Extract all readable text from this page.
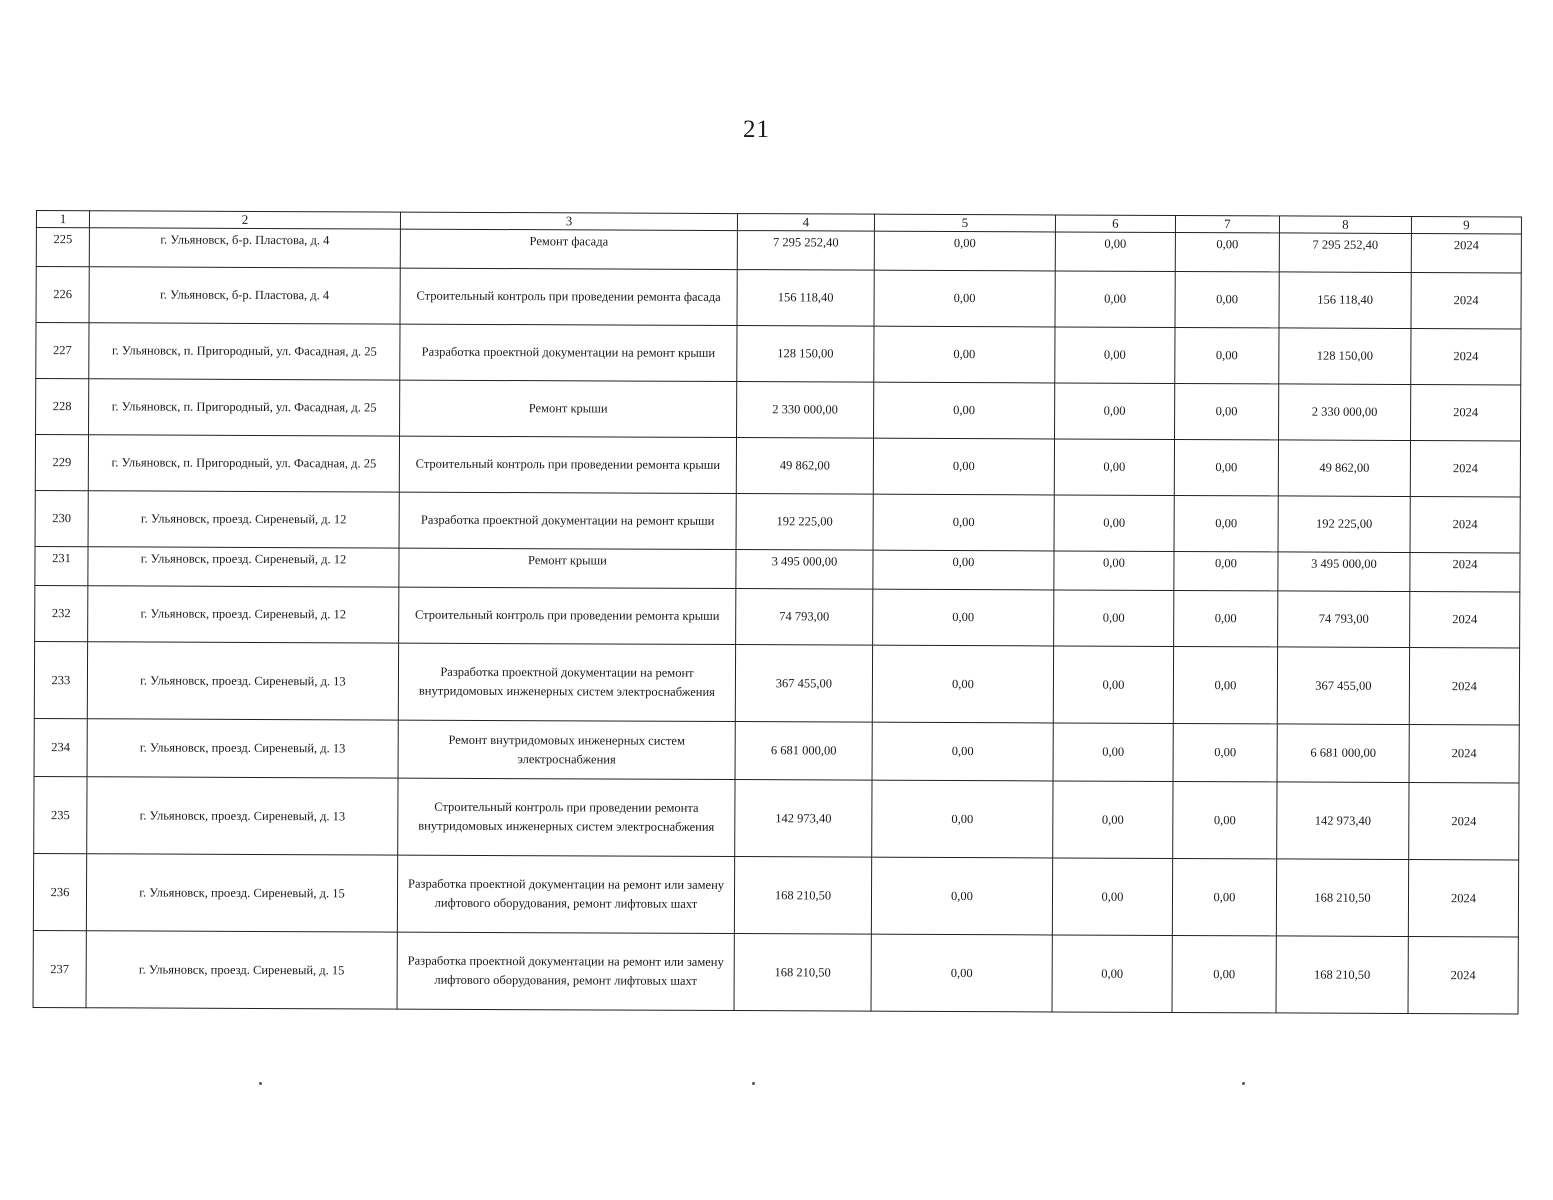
21
1	2	3	4	5	6	7	8	9
225	г. Ульяновск, б-р. Пластова, д. 4	Ремонт фасада	7 295 252,40	0,00	0,00	0,00	7 295 252,40	2024
226	г. Ульяновск, б-р. Пластова, д. 4	Строительный контроль при проведении ремонта фасада	156 118,40	0,00	0,00	0,00	156 118,40	2024
227	г. Ульяновск, п. Пригородный, ул. Фасадная, д. 25	Разработка проектной документации на ремонт крыши	128 150,00	0,00	0,00	0,00	128 150,00	2024
228	г. Ульяновск, п. Пригородный, ул. Фасадная, д. 25	Ремонт крыши	2 330 000,00	0,00	0,00	0,00	2 330 000,00	2024
229	г. Ульяновск, п. Пригородный, ул. Фасадная, д. 25	Строительный контроль при проведении ремонта крыши	49 862,00	0,00	0,00	0,00	49 862,00	2024
230	г. Ульяновск, проезд. Сиреневый, д. 12	Разработка проектной документации на ремонт крыши	192 225,00	0,00	0,00	0,00	192 225,00	2024
231	г. Ульяновск, проезд. Сиреневый, д. 12	Ремонт крыши	3 495 000,00	0,00	0,00	0,00	3 495 000,00	2024
232	г. Ульяновск, проезд. Сиреневый, д. 12	Строительный контроль при проведении ремонта крыши	74 793,00	0,00	0,00	0,00	74 793,00	2024
233	г. Ульяновск, проезд. Сиреневый, д. 13	Разработка проектной документации на ремонт внутридомовых инженерных систем электроснабжения	367 455,00	0,00	0,00	0,00	367 455,00	2024
234	г. Ульяновск, проезд. Сиреневый, д. 13	Ремонт внутридомовых инженерных систем электроснабжения	6 681 000,00	0,00	0,00	0,00	6 681 000,00	2024
235	г. Ульяновск, проезд. Сиреневый, д. 13	Строительный контроль при проведении ремонта внутридомовых инженерных систем электроснабжения	142 973,40	0,00	0,00	0,00	142 973,40	2024
236	г. Ульяновск, проезд. Сиреневый, д. 15	Разработка проектной документации на ремонт или замену лифтового оборудования, ремонт лифтовых шахт	168 210,50	0,00	0,00	0,00	168 210,50	2024
237	г. Ульяновск, проезд. Сиреневый, д. 15	Разработка проектной документации на ремонт или замену лифтового оборудования, ремонт лифтовых шахт	168 210,50	0,00	0,00	0,00	168 210,50	2024
